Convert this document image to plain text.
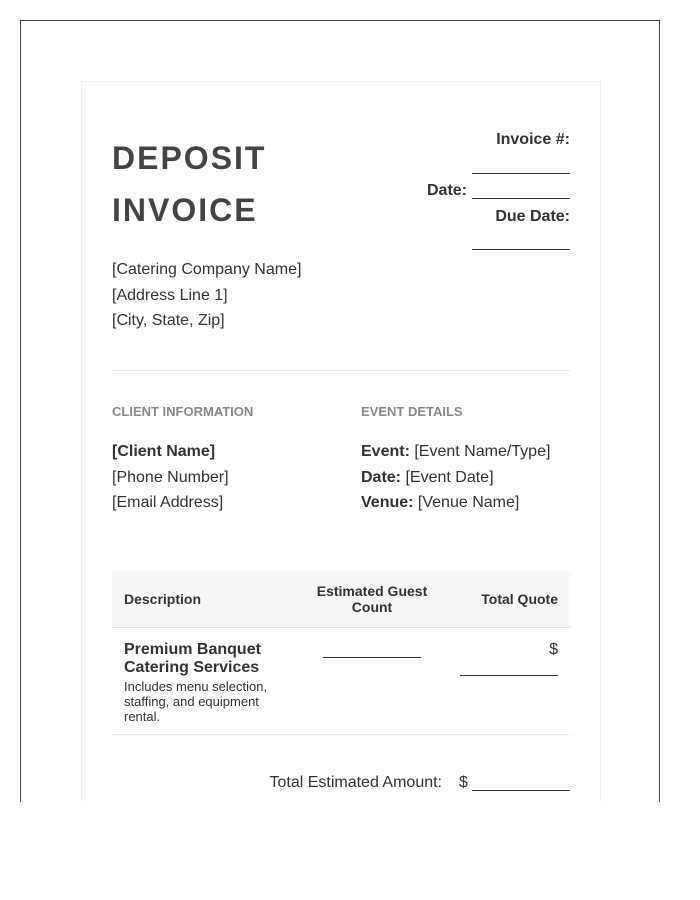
DEPOSIT
INVOICE
Invoice #:
Date:
Due Date:
[Catering Company Name]
[Address Line 1]
[City, State, Zip]
CLIENT INFORMATION
[Client Name]
[Phone Number]
[Email Address]
EVENT DETAILS
Event: [Event Name/Type]
Date: [Event Date]
Venue: [Venue Name]
Description	Estimated Guest Count	Total Quote
Premium Banquet Catering Services
Includes menu selection, staffing, and equipment rental.
$
Total Estimated Amount: $
